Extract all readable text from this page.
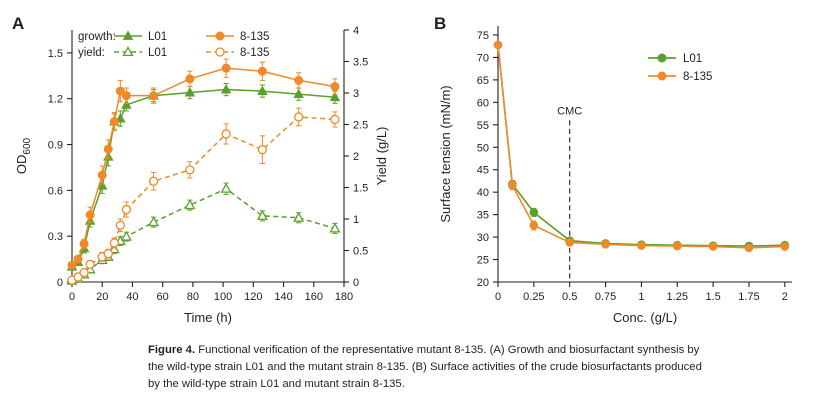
A
0 20 40 60 80 100 120 140 160 180
0
0.3
0.6
0.9
1.2
1.5
0
0.5
1
1.5
2
2.5
3
3.5
4
Time (h)
$OD_{600}$	Yield (g/L)
growth:
yield:
L01	8-135
L01	8-135
B
0 0.25 0.5 0.75 1 1.25 1.5 1.75 2
20
25
30
35
40
45
50
55
60
65
70
75
Conc. (g/L)
Surface tension (mN/m)	CMC
L01
8-135
Figure 4. Functional verification of the representative mutant 8-135. (A) Growth and biosurfactant synthesis by the wild-type strain L01 and the mutant strain 8-135. (B) Surface activities of the crude biosurfactants produced by the wild-type strain L01 and mutant strain 8-135.
